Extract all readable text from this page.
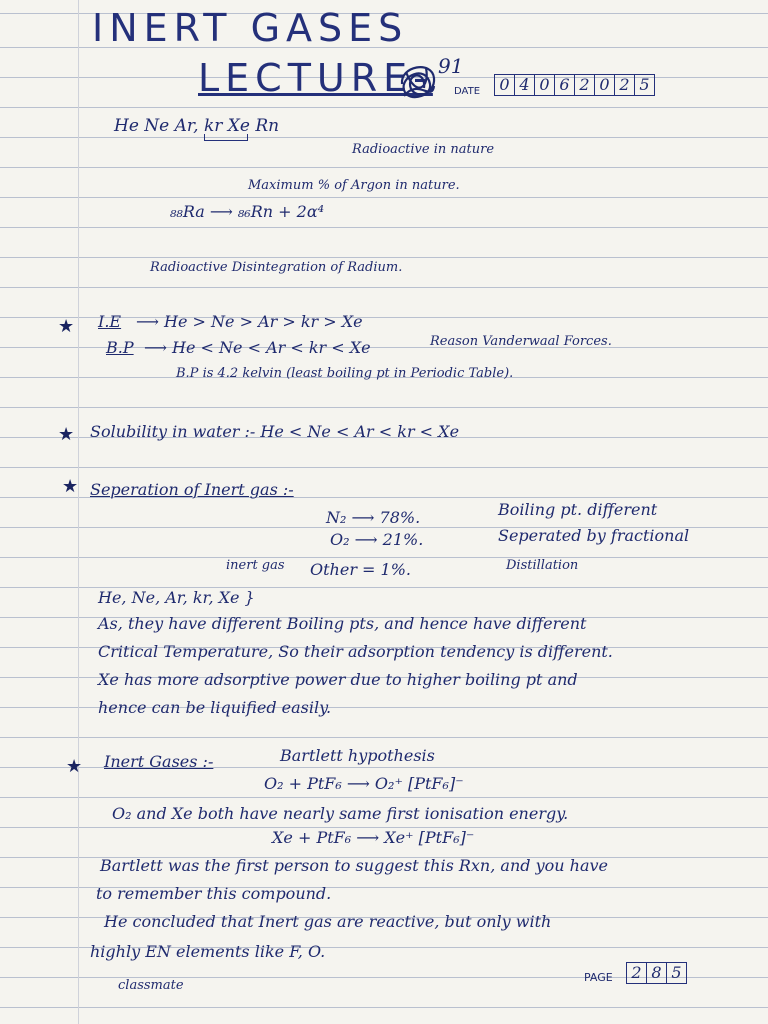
INERT GASES
LECTURE- 91
DATE	0 4 0 6 2 0 2 5
He Ne Ar, kr Xe Rn
Radioactive in nature
Maximum % of Argon in nature.
₈₈Ra ⟶ ₈₆Rn + 2α⁴
Radioactive Disintegration of Radium.
★ I.E ⟶ He > Ne > Ar > kr > Xe
B.P ⟶ He < Ne < Ar < kr < Xe	Reason Vanderwaal Forces.
B.P is 4.2 kelvin (least boiling pt in Periodic Table).
★ Solubility in water :- He < Ne < Ar < kr < Xe
★ Seperation of Inert gas :-
N₂ ⟶ 78%.
O₂ ⟶ 21%.
inert gas Other = 1%.
Boiling pt. different
Seperated by fractional
Distillation
He, Ne, Ar, kr, Xe }
As, they have different Boiling pts, and hence have different
Critical Temperature, So their adsorption tendency is different.
Xe has more adsorptive power due to higher boiling pt and
hence can be liquified easily.
★ Inert Gases :-	Bartlett hypothesis
O₂ + PtF₆ ⟶ O₂⁺ [PtF₆]⁻
O₂ and Xe both have nearly same first ionisation energy.
Xe + PtF₆ ⟶ Xe⁺ [PtF₆]⁻
Bartlett was the first person to suggest this Rxn, and you have
to remember this compound.
He concluded that Inert gas are reactive, but only with
highly EN elements like F, O.
classmate
PAGE	2 8 5
